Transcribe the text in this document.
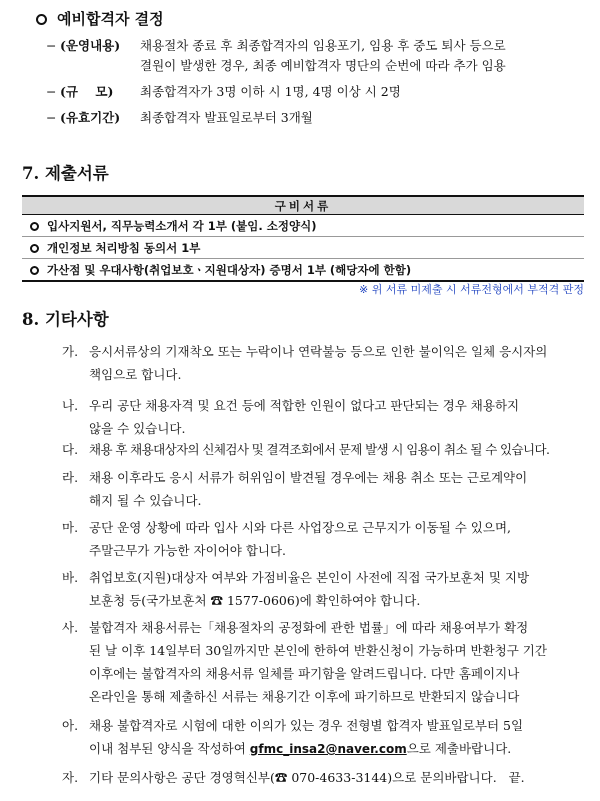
예비합격자 결정
− (운영내용) 채용절차 종료 후 최종합격자의 임용포기, 임용 후 중도 퇴사 등으로
결원이 발생한 경우, 최종 예비합격자 명단의 순번에 따라 추가 임용
− (규    모) 최종합격자가 3명 이하 시 1명, 4명 이상 시 2명
− (유효기간) 최종합격자 발표일로부터 3개월
7. 제출서류
구비서류
입사지원서, 직무능력소개서 각 1부 (붙임. 소정양식)
개인정보 처리방침 동의서 1부
가산점 및 우대사항(취업보호ㆍ지원대상자) 증명서 1부 (해당자에 한함)
※ 위 서류 미제출 시 서류전형에서 부적격 판정
8. 기타사항
가. 응시서류상의 기재착오 또는 누락이나 연락불능 등으로 인한 불이익은 일체 응시자의
책임으로 합니다.
나. 우리 공단 채용자격 및 요건 등에 적합한 인원이 없다고 판단되는 경우 채용하지
않을 수 있습니다.
다. 채용 후 채용대상자의 신체검사 및 결격조회에서 문제 발생 시 임용이 취소 될 수 있습니다.
라. 채용 이후라도 응시 서류가 허위임이 발견될 경우에는 채용 취소 또는 근로계약이
해지 될 수 있습니다.
마. 공단 운영 상황에 따라 입사 시와 다른 사업장으로 근무지가 이동될 수 있으며,
주말근무가 가능한 자이어야 합니다.
바. 취업보호(지원)대상자 여부와 가점비율은 본인이 사전에 직접 국가보훈처 및 지방
보훈청 등(국가보훈처 ☎ 1577-0606)에 확인하여야 합니다.
사. 불합격자 채용서류는「채용절차의 공정화에 관한 법률」에 따라 채용여부가 확정
된 날 이후 14일부터 30일까지만 본인에 한하여 반환신청이 가능하며 반환청구 기간
이후에는 불합격자의 채용서류 일체를 파기함을 알려드립니다. 다만 홈페이지나
온라인을 통해 제출하신 서류는 채용기간 이후에 파기하므로 반환되지 않습니다
아. 채용 불합격자로 시험에 대한 이의가 있는 경우 전형별 합격자 발표일로부터 5일
이내 첨부된 양식을 작성하여 gfmc_insa2@naver.com으로 제출바랍니다.
자. 기타 문의사항은 공단 경영혁신부(☎ 070-4633-3144)으로 문의바랍니다.   끝.
